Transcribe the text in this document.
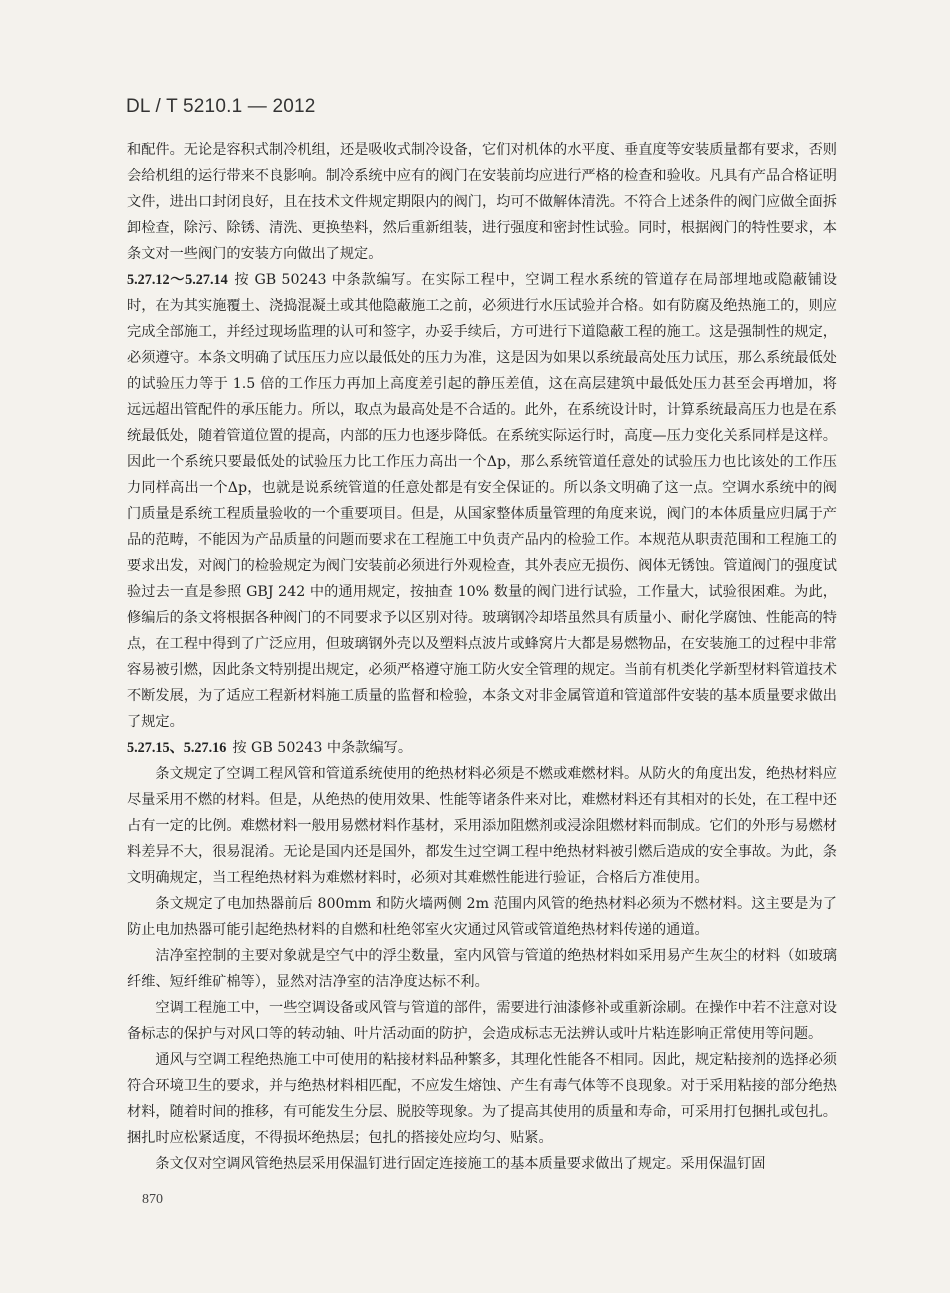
DL / T 5210.1 — 2012

和配件。无论是容积式制冷机组，还是吸收式制冷设备，它们对机体的水平度、垂直度等安装质量都有要求，否则会给机组的运行带来不良影响。制冷系统中应有的阀门在安装前均应进行严格的检查和验收。凡具有产品合格证明文件，进出口封闭良好，且在技术文件规定期限内的阀门，均可不做解体清洗。不符合上述条件的阀门应做全面拆卸检查，除污、除锈、清洗、更换垫料，然后重新组装，进行强度和密封性试验。同时，根据阀门的特性要求，本条文对一些阀门的安装方向做出了规定。

5.27.12～5.27.14 按 GB 50243 中条款编写。在实际工程中，空调工程水系统的管道存在局部埋地或隐蔽铺设时，在为其实施覆土、浇捣混凝土或其他隐蔽施工之前，必须进行水压试验并合格。如有防腐及绝热施工的，则应完成全部施工，并经过现场监理的认可和签字，办妥手续后，方可进行下道隐蔽工程的施工。这是强制性的规定，必须遵守。本条文明确了试压压力应以最低处的压力为准，这是因为如果以系统最高处压力试压，那么系统最低处的试验压力等于 1.5 倍的工作压力再加上高度差引起的静压差值，这在高层建筑中最低处压力甚至会再增加，将远远超出管配件的承压能力。所以，取点为最高处是不合适的。此外，在系统设计时，计算系统最高压力也是在系统最低处，随着管道位置的提高，内部的压力也逐步降低。在系统实际运行时，高度—压力变化关系同样是这样。因此一个系统只要最低处的试验压力比工作压力高出一个Δp，那么系统管道任意处的试验压力也比该处的工作压力同样高出一个Δp，也就是说系统管道的任意处都是有安全保证的。所以条文明确了这一点。空调水系统中的阀门质量是系统工程质量验收的一个重要项目。但是，从国家整体质量管理的角度来说，阀门的本体质量应归属于产品的范畴，不能因为产品质量的问题而要求在工程施工中负责产品内的检验工作。本规范从职责范围和工程施工的要求出发，对阀门的检验规定为阀门安装前必须进行外观检查，其外表应无损伤、阀体无锈蚀。管道阀门的强度试验过去一直是参照 GBJ 242 中的通用规定，按抽查 10% 数量的阀门进行试验，工作量大，试验很困难。为此，修编后的条文将根据各种阀门的不同要求予以区别对待。玻璃钢冷却塔虽然具有质量小、耐化学腐蚀、性能高的特点，在工程中得到了广泛应用，但玻璃钢外壳以及塑料点波片或蜂窝片大都是易燃物品，在安装施工的过程中非常容易被引燃，因此条文特别提出规定，必须严格遵守施工防火安全管理的规定。当前有机类化学新型材料管道技术不断发展，为了适应工程新材料施工质量的监督和检验，本条文对非金属管道和管道部件安装的基本质量要求做出了规定。

5.27.15、5.27.16 按 GB 50243 中条款编写。

条文规定了空调工程风管和管道系统使用的绝热材料必须是不燃或难燃材料。从防火的角度出发，绝热材料应尽量采用不燃的材料。但是，从绝热的使用效果、性能等诸条件来对比，难燃材料还有其相对的长处，在工程中还占有一定的比例。难燃材料一般用易燃材料作基材，采用添加阻燃剂或浸涂阻燃材料而制成。它们的外形与易燃材料差异不大，很易混淆。无论是国内还是国外，都发生过空调工程中绝热材料被引燃后造成的安全事故。为此，条文明确规定，当工程绝热材料为难燃材料时，必须对其难燃性能进行验证，合格后方准使用。

条文规定了电加热器前后 800mm 和防火墙两侧 2m 范围内风管的绝热材料必须为不燃材料。这主要是为了防止电加热器可能引起绝热材料的自燃和杜绝邻室火灾通过风管或管道绝热材料传递的通道。

洁净室控制的主要对象就是空气中的浮尘数量，室内风管与管道的绝热材料如采用易产生灰尘的材料（如玻璃纤维、短纤维矿棉等），显然对洁净室的洁净度达标不利。

空调工程施工中，一些空调设备或风管与管道的部件，需要进行油漆修补或重新涂刷。在操作中若不注意对设备标志的保护与对风口等的转动轴、叶片活动面的防护，会造成标志无法辨认或叶片粘连影响正常使用等问题。

通风与空调工程绝热施工中可使用的粘接材料品种繁多，其理化性能各不相同。因此，规定粘接剂的选择必须符合环境卫生的要求，并与绝热材料相匹配，不应发生熔蚀、产生有毒气体等不良现象。对于采用粘接的部分绝热材料，随着时间的推移，有可能发生分层、脱胶等现象。为了提高其使用的质量和寿命，可采用打包捆扎或包扎。捆扎时应松紧适度，不得损坏绝热层；包扎的搭接处应均匀、贴紧。

条文仅对空调风管绝热层采用保温钉进行固定连接施工的基本质量要求做出了规定。采用保温钉固

870
